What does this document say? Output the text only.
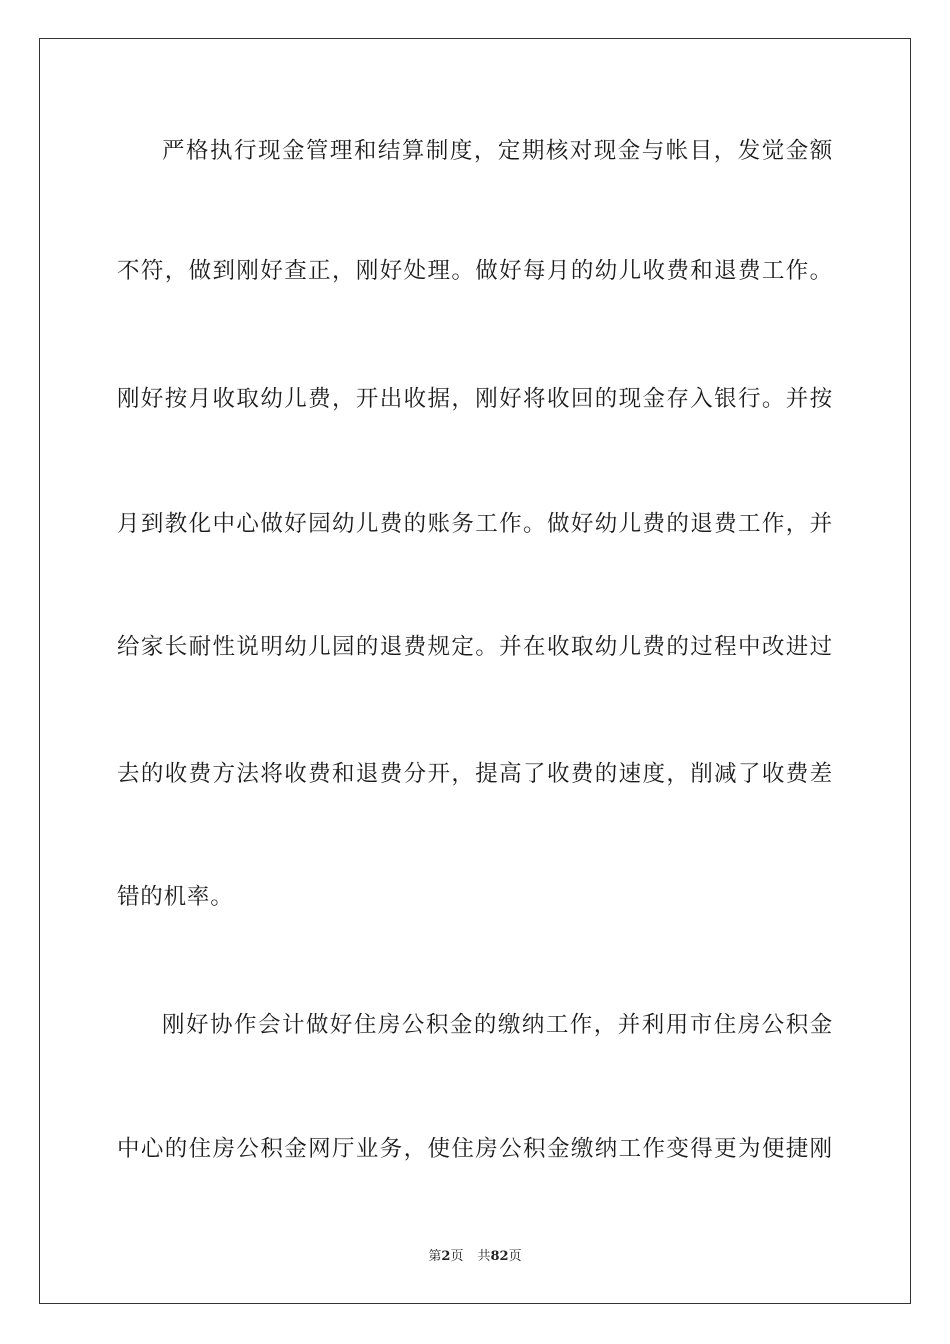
严格执行现金管理和结算制度，定期核对现金与帐目，发觉金额
不符，做到刚好查正，刚好处理。做好每月的幼儿收费和退费工作。
刚好按月收取幼儿费，开出收据，刚好将收回的现金存入银行。并按
月到教化中心做好园幼儿费的账务工作。做好幼儿费的退费工作，并
给家长耐性说明幼儿园的退费规定。并在收取幼儿费的过程中改进过
去的收费方法将收费和退费分开，提高了收费的速度，削减了收费差
错的机率。
刚好协作会计做好住房公积金的缴纳工作，并利用市住房公积金
中心的住房公积金网厅业务，使住房公积金缴纳工作变得更为便捷刚
第2页 共82页
